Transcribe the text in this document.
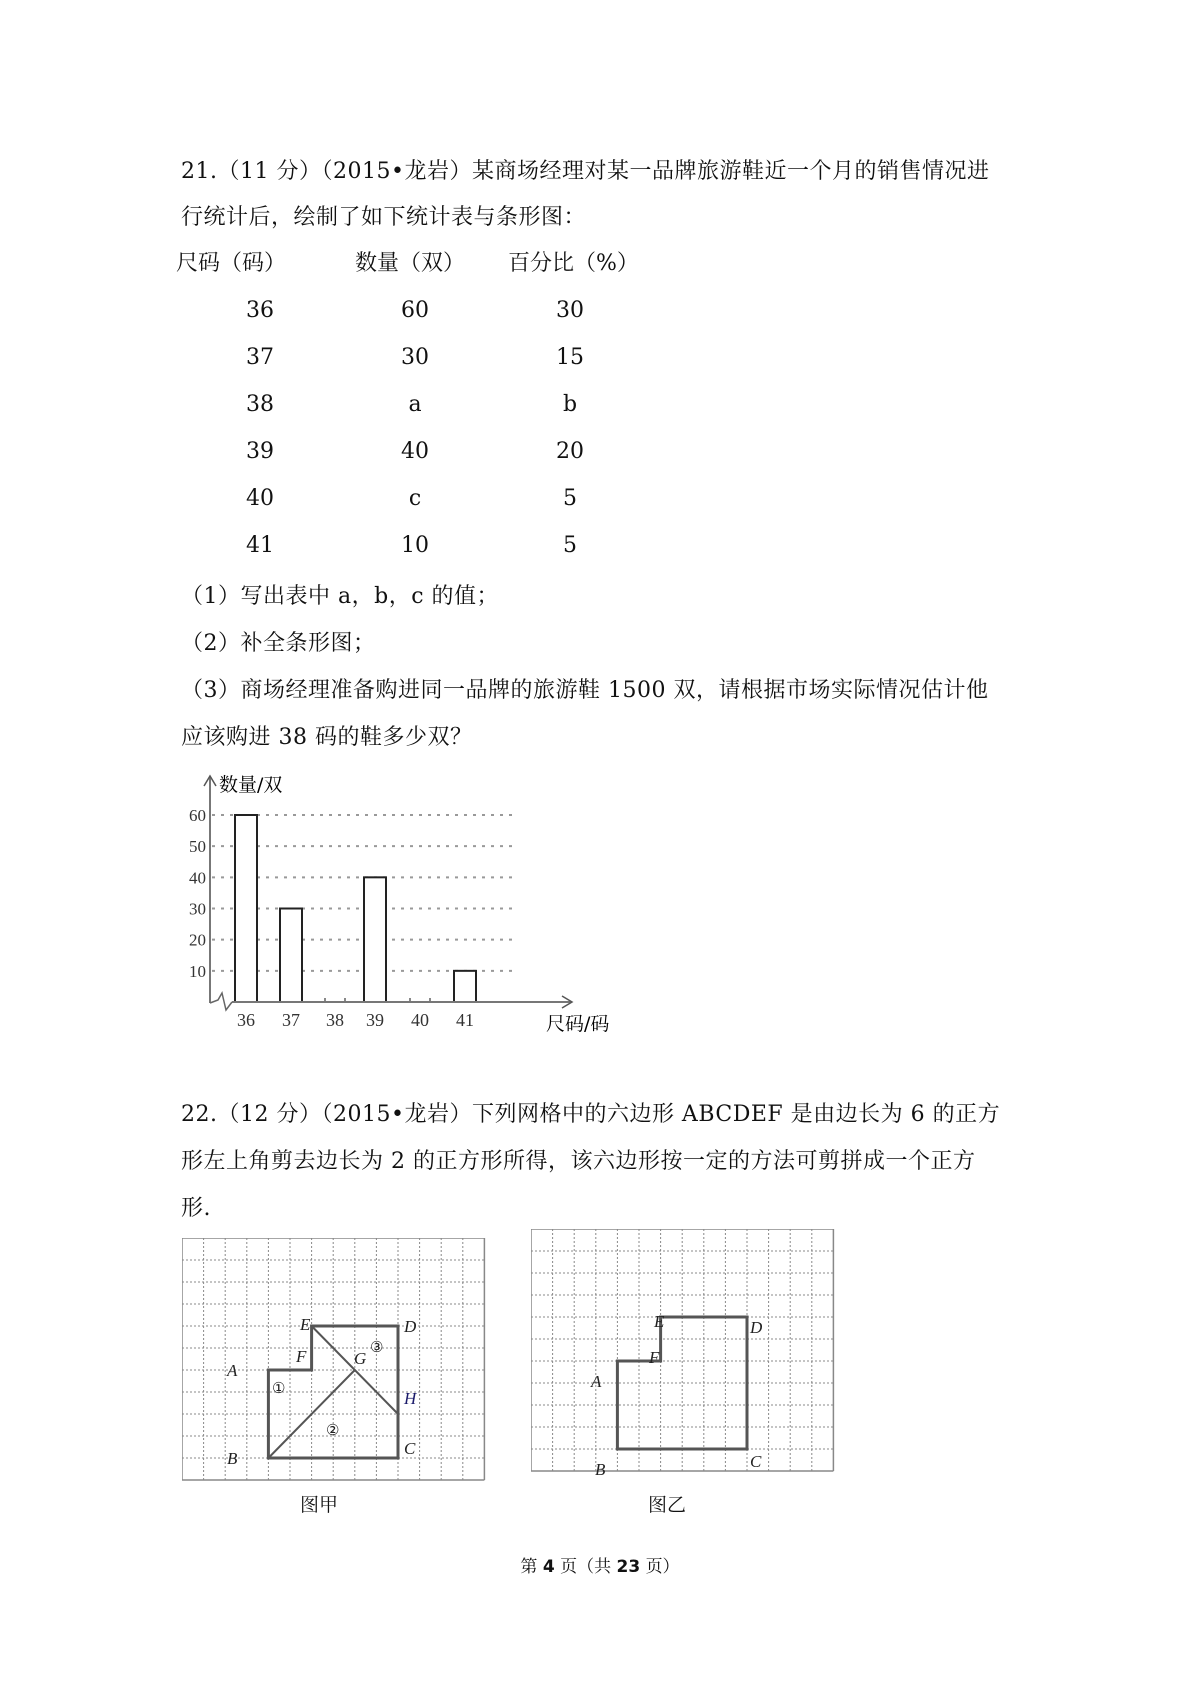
21.（11 分）（2015•龙岩）某商场经理对某一品牌旅游鞋近一个月的销售情况进
行统计后，绘制了如下统计表与条形图：
尺码（码）	数量（双）	百分比（%）
36	60	30
37	30	15
38	a	b
39	40	20
40	c	5
41	10	5
（1）写出表中 a，b，c 的值；
（2）补全条形图；
（3）商场经理准备购进同一品牌的旅游鞋 1500 双，请根据市场实际情况估计他
应该购进 38 码的鞋多少双？
10
20
30
40
50
60
36 37 38 39 40 41
数量/双
尺码/码
22.（12 分）（2015•龙岩）下列网格中的六边形 ABCDEF 是由边长为 6 的正方
形左上角剪去边长为 2 的正方形所得，该六边形按一定的方法可剪拼成一个正方
形.
A
B
C
D
E
F	G
H
①
②
③
图甲
A
B	C
D
E
F
图乙
第 4 页（共 23 页）
